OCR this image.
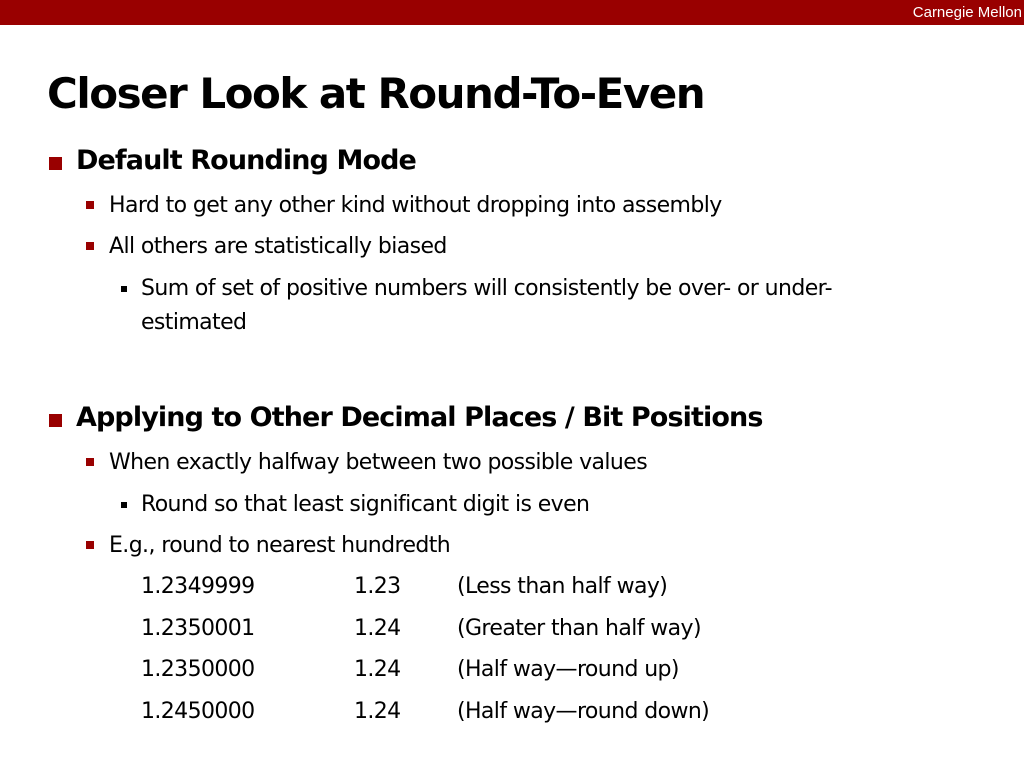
Carnegie Mellon
Closer Look at Round-To-Even
Default Rounding Mode
Hard to get any other kind without dropping into assembly
All others are statistically biased
Sum of set of positive numbers will consistently be over- or under-estimated
Applying to Other Decimal Places / Bit Positions
When exactly halfway between two possible values
Round so that least significant digit is even
E.g., round to nearest hundredth
1.2349999	1.23	(Less than half way)
1.2350001	1.24	(Greater than half way)
1.2350000	1.24	(Half way—round up)
1.2450000	1.24	(Half way—round down)
